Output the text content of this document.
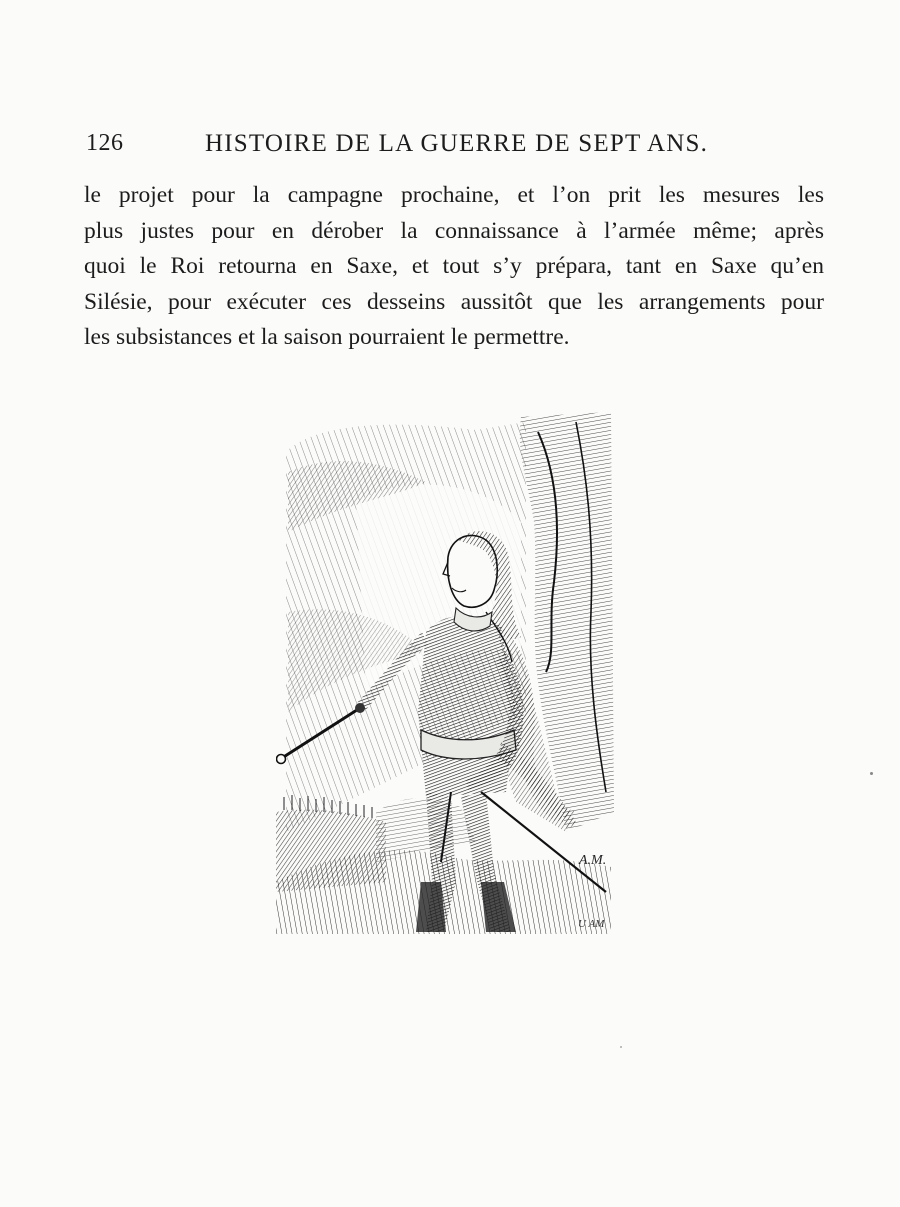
126	HISTOIRE DE LA GUERRE DE SEPT ANS.
le projet pour la campagne prochaine, et l’on prit les mesures les
plus justes pour en dérober la connaissance à l’armée même; après
quoi le Roi retourna en Saxe, et tout s’y prépara, tant en Saxe qu’en
Silésie, pour exécuter ces desseins aussitôt que les arrangements pour
les subsistances et la saison pourraient le permettre.
A.M.
U AM
